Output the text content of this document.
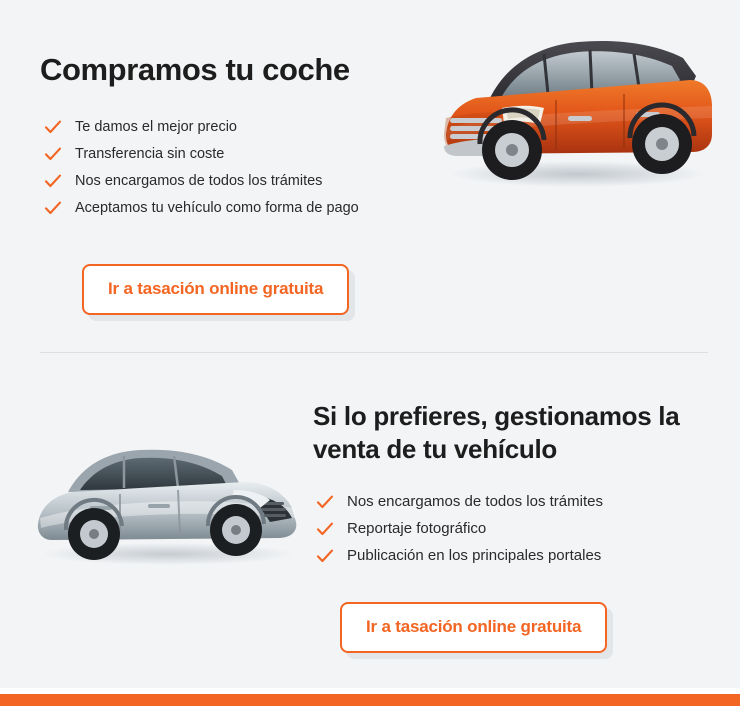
Compramos tu coche
Te damos el mejor precio
Transferencia sin coste
Nos encargamos de todos los trámites
Aceptamos tu vehículo como forma de pago
Ir a tasación online gratuita
Si lo prefieres, gestionamos la venta de tu vehículo
Nos encargamos de todos los trámites
Reportaje fotográfico
Publicación en los principales portales
Ir a tasación online gratuita
